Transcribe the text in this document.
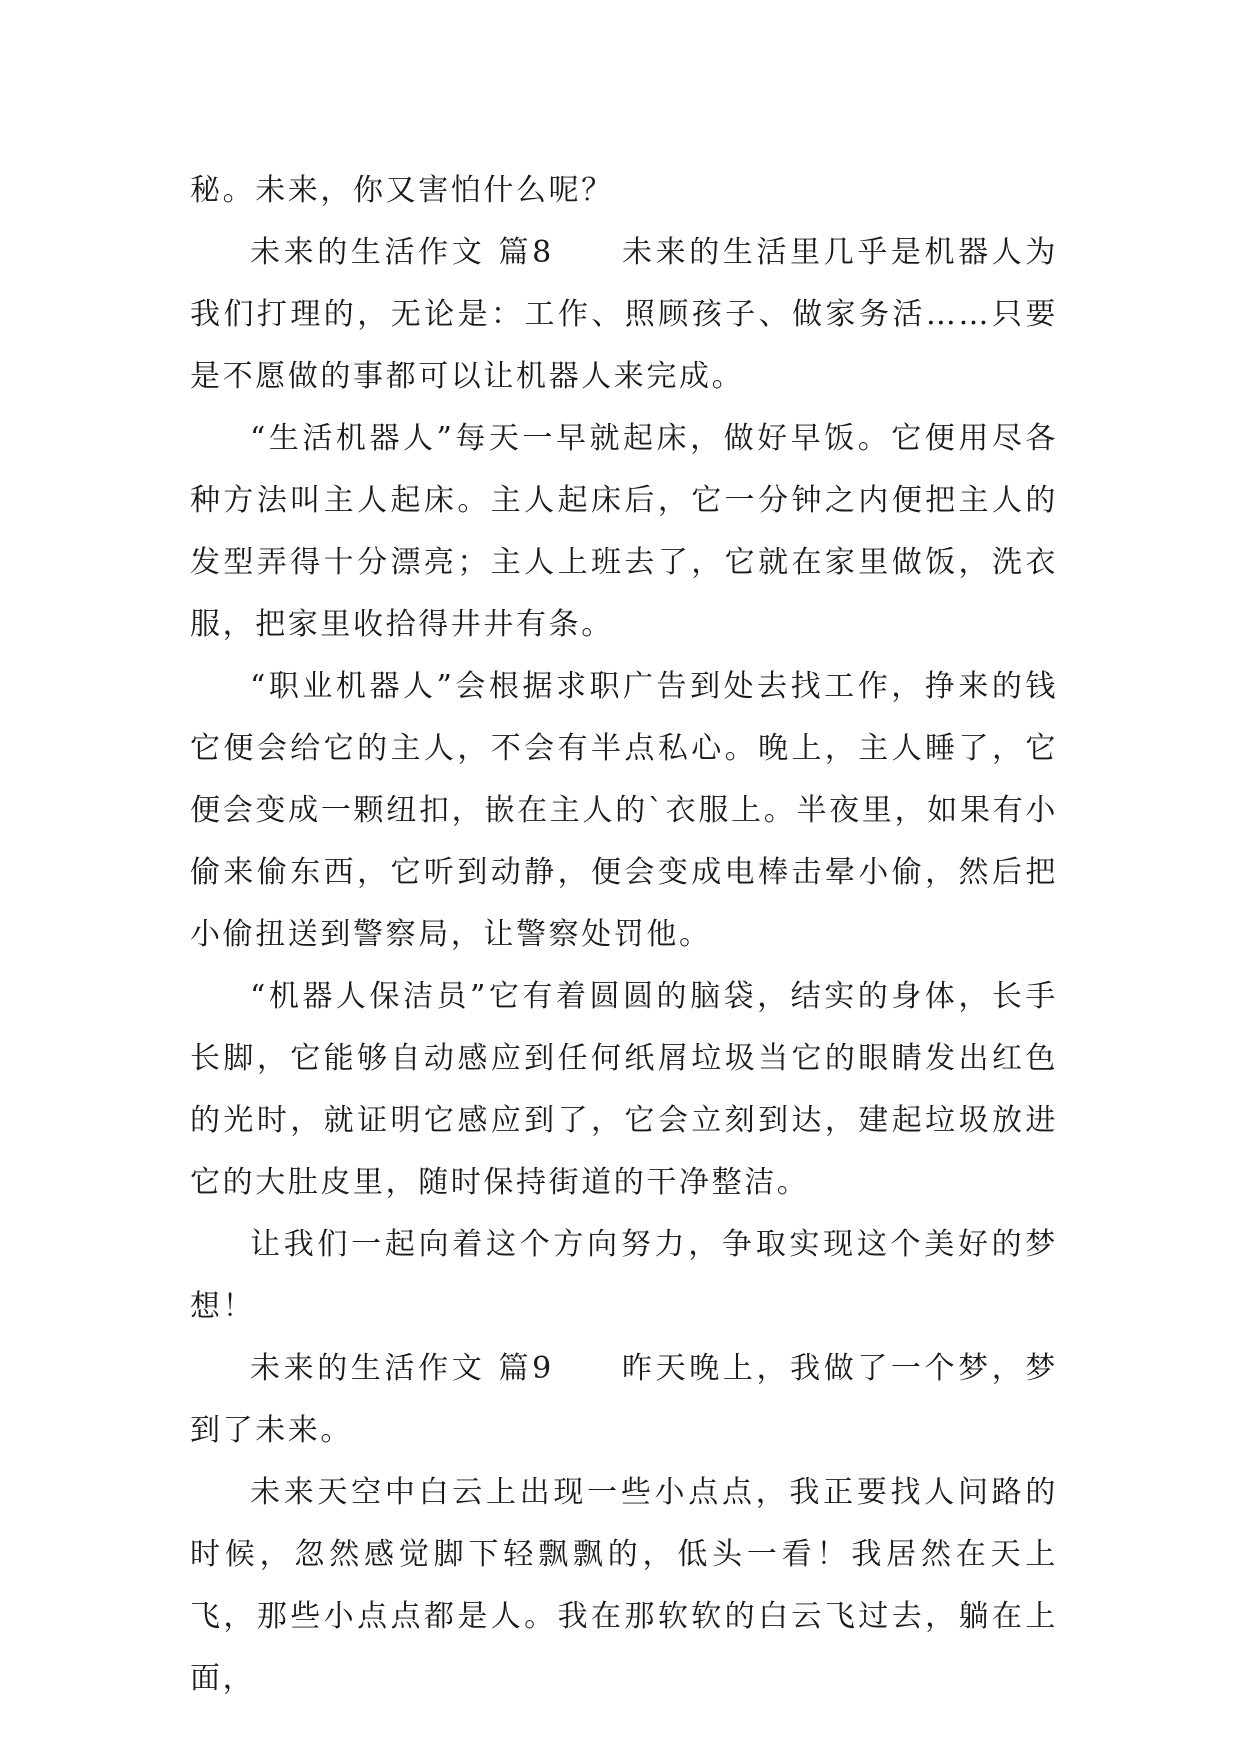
秘。未来，你又害怕什么呢？

未来的生活作文 篇8　　未来的生活里几乎是机器人为我们打理的，无论是：工作、照顾孩子、做家务活……只要是不愿做的事都可以让机器人来完成。

“生活机器人”每天一早就起床，做好早饭。它便用尽各种方法叫主人起床。主人起床后，它一分钟之内便把主人的发型弄得十分漂亮；主人上班去了，它就在家里做饭，洗衣服，把家里收拾得井井有条。

“职业机器人”会根据求职广告到处去找工作，挣来的钱它便会给它的主人，不会有半点私心。晚上，主人睡了，它便会变成一颗纽扣，嵌在主人的`衣服上。半夜里，如果有小偷来偷东西，它听到动静，便会变成电棒击晕小偷，然后把小偷扭送到警察局，让警察处罚他。

“机器人保洁员”它有着圆圆的脑袋，结实的身体，长手长脚，它能够自动感应到任何纸屑垃圾当它的眼睛发出红色的光时，就证明它感应到了，它会立刻到达，建起垃圾放进它的大肚皮里，随时保持街道的干净整洁。

让我们一起向着这个方向努力，争取实现这个美好的梦想！

未来的生活作文 篇9　　昨天晚上，我做了一个梦，梦到了未来。

未来天空中白云上出现一些小点点，我正要找人问路的时候，忽然感觉脚下轻飘飘的，低头一看！我居然在天上飞，那些小点点都是人。我在那软软的白云飞过去，躺在上面，
